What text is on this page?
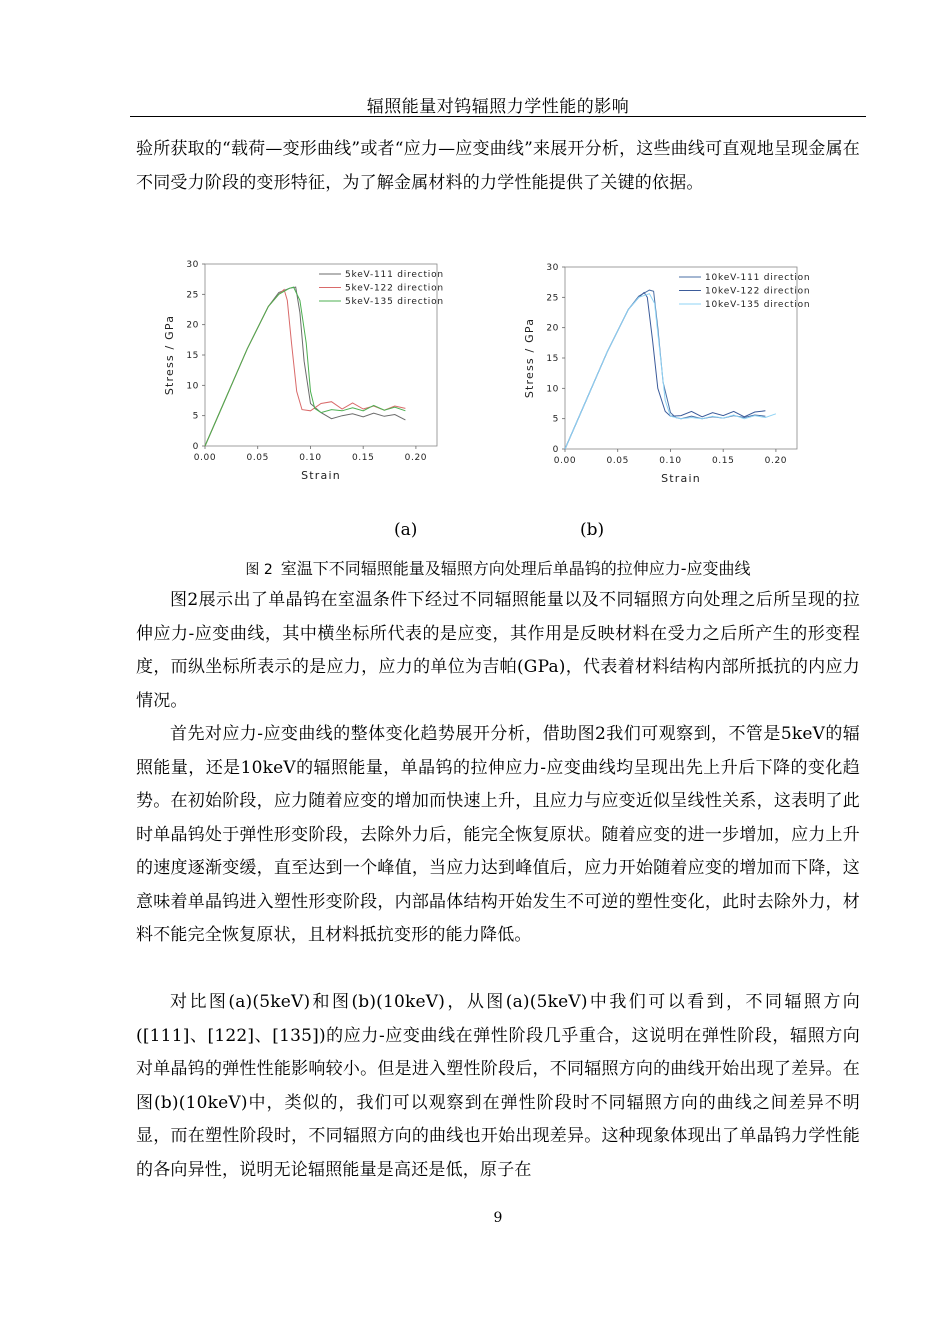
辐照能量对钨辐照力学性能的影响

验所获取的“载荷—变形曲线”或者“应力—应变曲线”来展开分析，这些曲线可直观地呈现金属在不同受力阶段的变形特征，为了解金属材料的力学性能提供了关键的依据。

0
5
10
15
20
25
30
0.00	0.05	0.10	0.15	0.20
Strain
Stress / GPa
5keV-111 direction
5keV-122 direction
5keV-135 direction
0
5
10
15
20
25
30
0.00	0.05	0.10	0.15	0.20
Strain
Stress / GPa
10keV-111 direction
10keV-122 direction
10keV-135 direction
(a)	(b)
图 2 室温下不同辐照能量及辐照方向处理后单晶钨的拉伸应力-应变曲线

图2展示出了单晶钨在室温条件下经过不同辐照能量以及不同辐照方向处理之后所呈现的拉伸应力-应变曲线，其中横坐标所代表的是应变，其作用是反映材料在受力之后所产生的形变程度，而纵坐标所表示的是应力，应力的单位为吉帕(GPa)，代表着材料结构内部所抵抗的内应力情况。

首先对应力-应变曲线的整体变化趋势展开分析，借助图2我们可观察到，不管是5keV的辐照能量，还是10keV的辐照能量，单晶钨的拉伸应力-应变曲线均呈现出先上升后下降的变化趋势。在初始阶段，应力随着应变的增加而快速上升，且应力与应变近似呈线性关系，这表明了此时单晶钨处于弹性形变阶段，去除外力后，能完全恢复原状。随着应变的进一步增加，应力上升的速度逐渐变缓，直至达到一个峰值，当应力达到峰值后，应力开始随着应变的增加而下降，这意味着单晶钨进入塑性形变阶段，内部晶体结构开始发生不可逆的塑性变化，此时去除外力，材料不能完全恢复原状，且材料抵抗变形的能力降低。

对比图(a)(5keV)和图(b)(10keV)，从图(a)(5keV)中我们可以看到，不同辐照方向([111]、[122]、[135])的应力-应变曲线在弹性阶段几乎重合，这说明在弹性阶段，辐照方向对单晶钨的弹性性能影响较小。但是进入塑性阶段后，不同辐照方向的曲线开始出现了差异。在图(b)(10keV)中，类似的，我们可以观察到在弹性阶段时不同辐照方向的曲线之间差异不明显，而在塑性阶段时，不同辐照方向的曲线也开始出现差异。这种现象体现出了单晶钨力学性能的各向异性，说明无论辐照能量是高还是低，原子在

9
